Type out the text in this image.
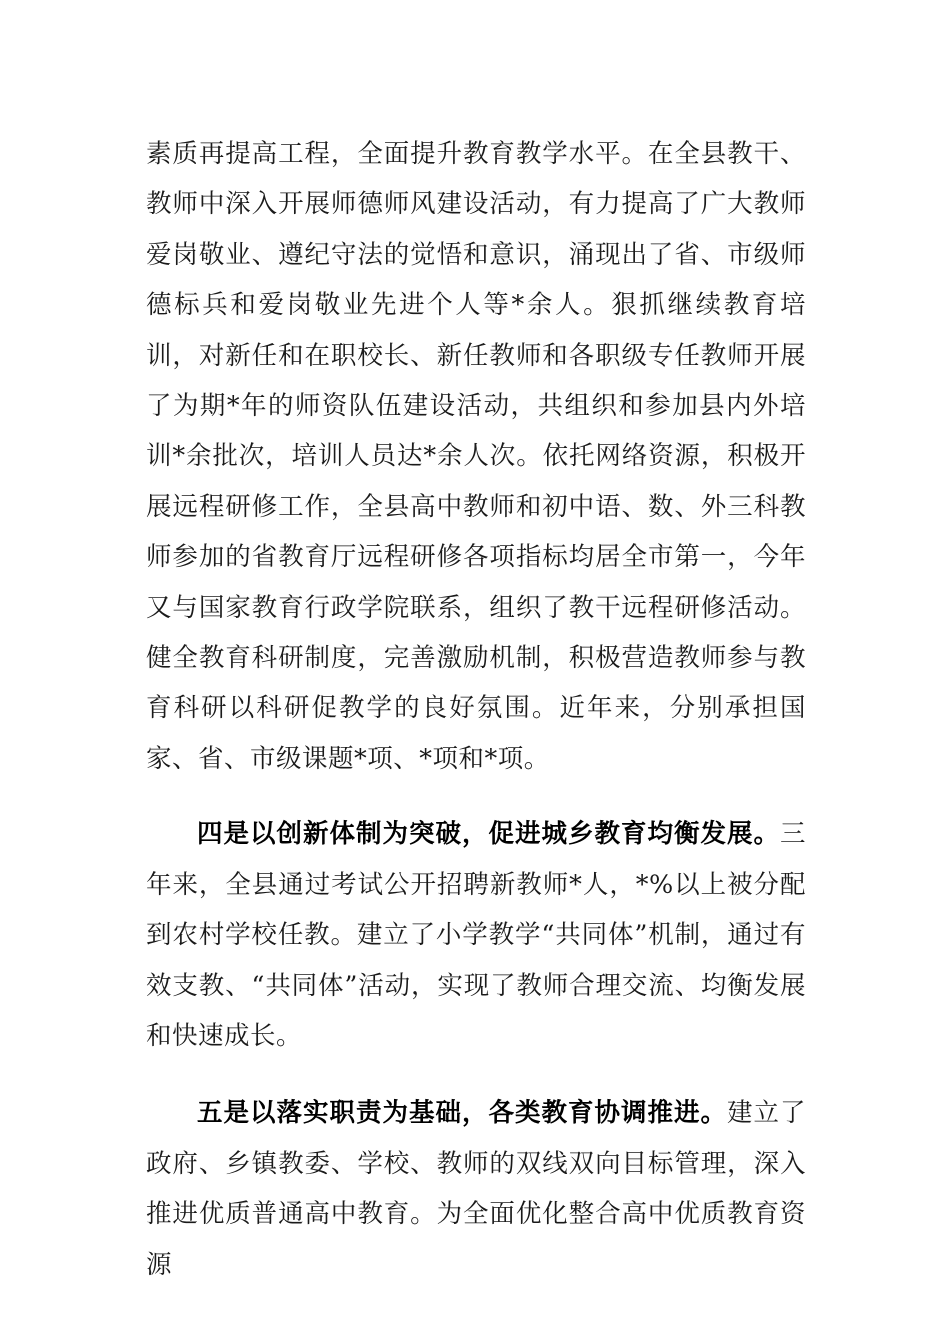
素质再提高工程，全面提升教育教学水平。在全县教干、教师中深入开展师德师风建设活动，有力提高了广大教师爱岗敬业、遵纪守法的觉悟和意识，涌现出了省、市级师德标兵和爱岗敬业先进个人等*余人。狠抓继续教育培训，对新任和在职校长、新任教师和各职级专任教师开展了为期*年的师资队伍建设活动，共组织和参加县内外培训*余批次，培训人员达*余人次。依托网络资源，积极开展远程研修工作，全县高中教师和初中语、数、外三科教师参加的省教育厅远程研修各项指标均居全市第一，今年又与国家教育行政学院联系，组织了教干远程研修活动。健全教育科研制度，完善激励机制，积极营造教师参与教育科研以科研促教学的良好氛围。近年来，分别承担国家、省、市级课题*项、*项和*项。

四是以创新体制为突破，促进城乡教育均衡发展。三年来，全县通过考试公开招聘新教师*人，*%以上被分配到农村学校任教。建立了小学教学“共同体”机制，通过有效支教、“共同体”活动，实现了教师合理交流、均衡发展和快速成长。

五是以落实职责为基础，各类教育协调推进。建立了政府、乡镇教委、学校、教师的双线双向目标管理，深入推进优质普通高中教育。为全面优化整合高中优质教育资源
